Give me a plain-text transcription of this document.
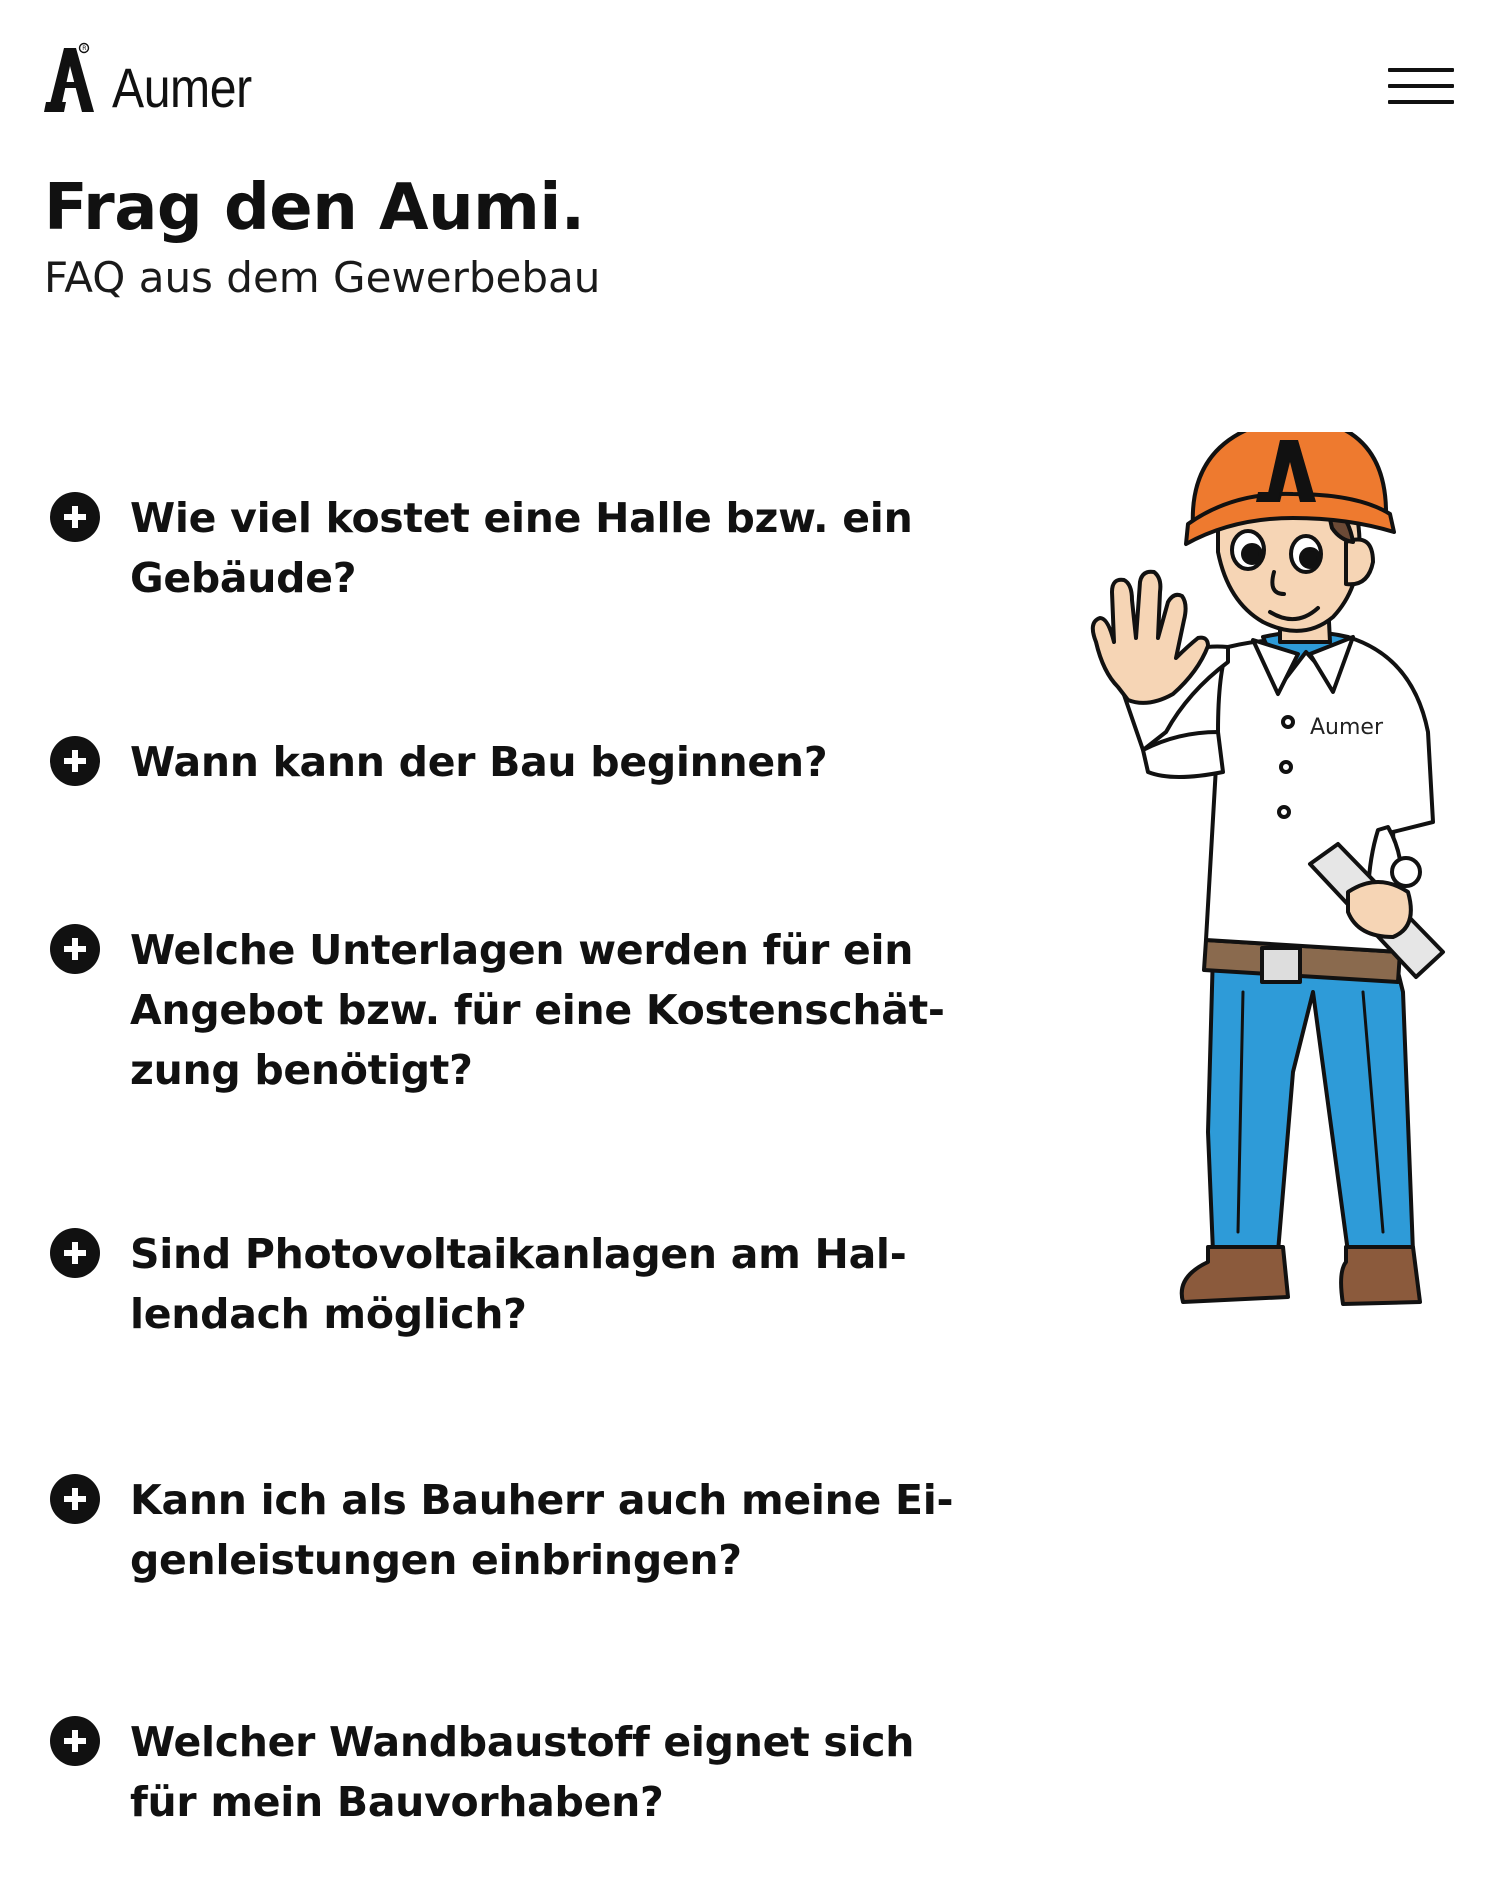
R
Aumer
Frag den Aumi.

FAQ aus dem Gewerbebau

Wie viel kostet eine Halle bzw. ein
Gebäude?
Wann kann der Bau beginnen?
Welche Unterlagen werden für ein
Angebot bzw. für eine Kostenschät-
zung benötigt?
Sind Photovoltaikanlagen am Hal-
lendach möglich?
Kann ich als Bauherr auch meine Ei-
genleistungen einbringen?
Welcher Wandbaustoff eignet sich
für mein Bauvorhaben?
Aumer
